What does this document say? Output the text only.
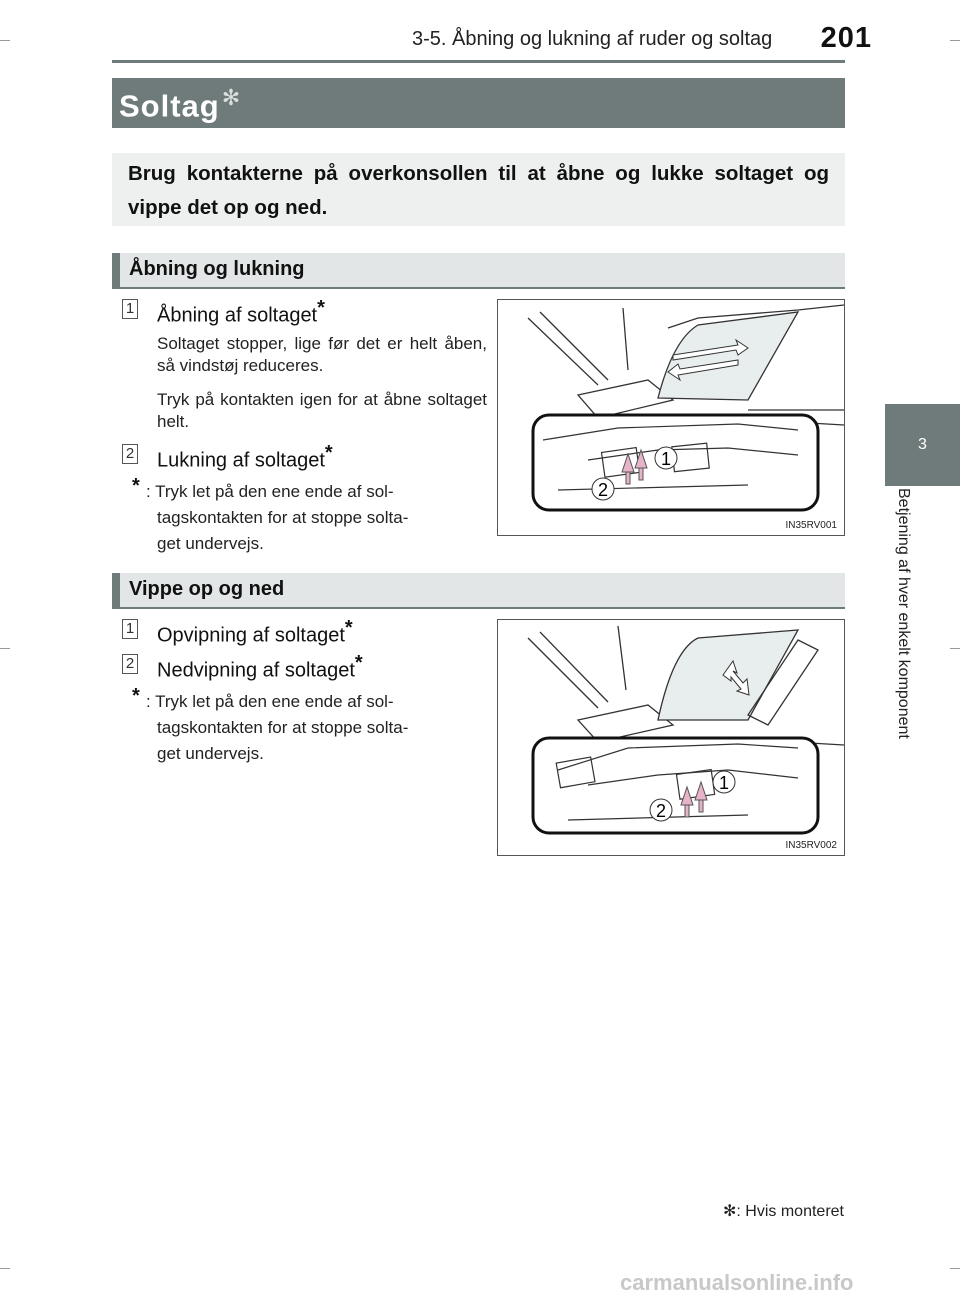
3-5. Åbning og lukning af ruder og soltag 201
3
Betjening af hver enkelt komponent
Soltag✻

Brug kontakterne på overkonsollen til at åbne og lukke soltaget og vippe det op og ned.

Åbning og lukning
1 Åbning af soltaget*
Soltaget stopper, lige før det er helt åben, så vindstøj reduceres.
Tryk på kontakten igen for at åbne soltaget helt.
2 Lukning af soltaget*
* : Tryk let på den ene ende af sol-
tagskontakten for at stoppe solta-
get undervejs.
1
2
IN35RV001
Vippe op og ned
1 Opvipning af soltaget*
2 Nedvipning af soltaget*
* : Tryk let på den ene ende af sol-
tagskontakten for at stoppe solta-
get undervejs.
1
2
IN35RV002
✻: Hvis monteret
carmanualsonline.info
